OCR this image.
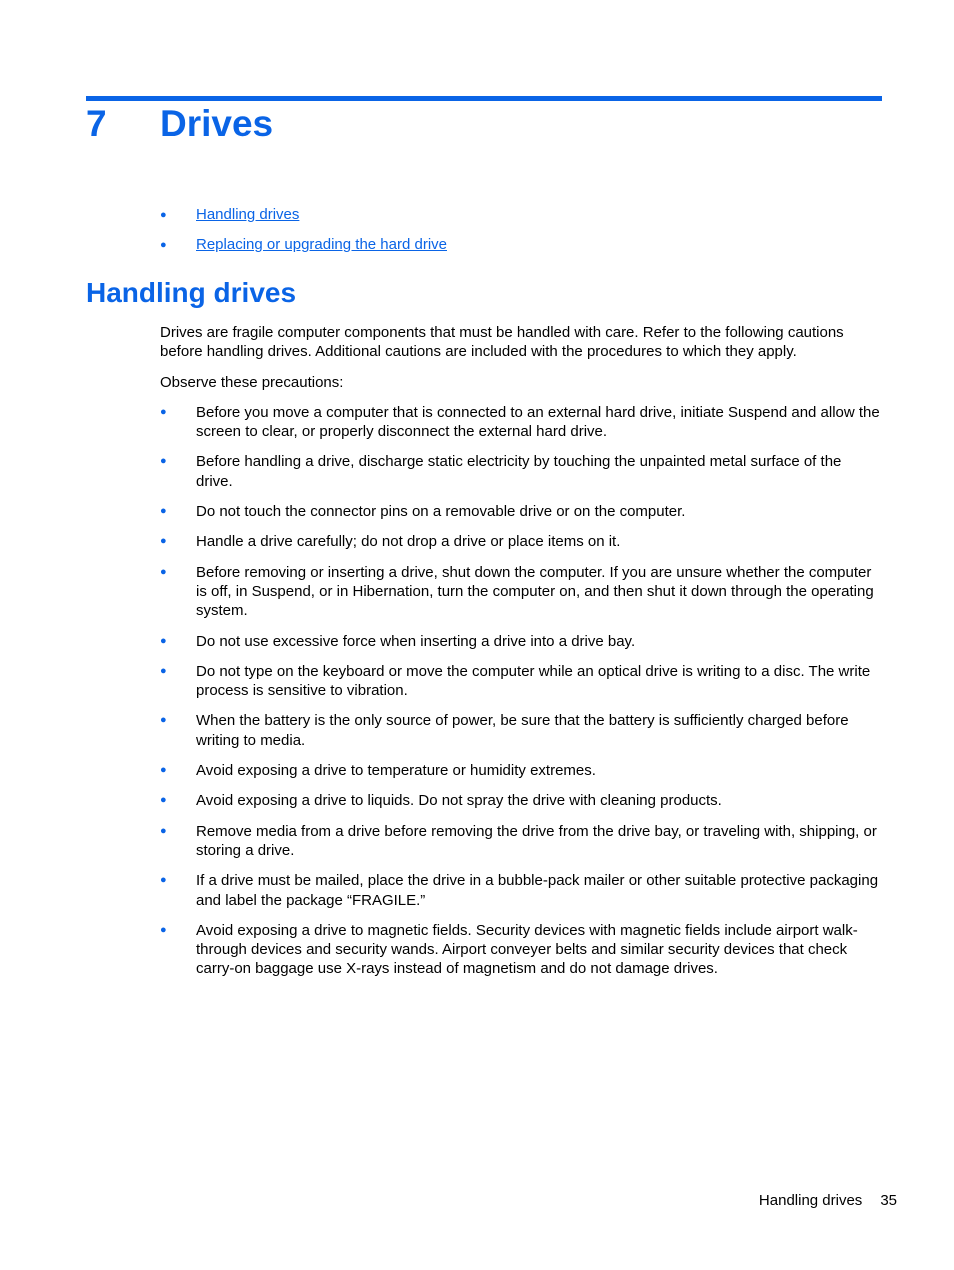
7 Drives
● Handling drives
● Replacing or upgrading the hard drive
Handling drives

Drives are fragile computer components that must be handled with care. Refer to the following cautions before handling drives. Additional cautions are included with the procedures to which they apply.

Observe these precautions:

● Before you move a computer that is connected to an external hard drive, initiate Suspend and allow the screen to clear, or properly disconnect the external hard drive.
● Before handling a drive, discharge static electricity by touching the unpainted metal surface of the drive.
● Do not touch the connector pins on a removable drive or on the computer.
● Handle a drive carefully; do not drop a drive or place items on it.
● Before removing or inserting a drive, shut down the computer. If you are unsure whether the computer is off, in Suspend, or in Hibernation, turn the computer on, and then shut it down through the operating system.
● Do not use excessive force when inserting a drive into a drive bay.
● Do not type on the keyboard or move the computer while an optical drive is writing to a disc. The write process is sensitive to vibration.
● When the battery is the only source of power, be sure that the battery is sufficiently charged before writing to media.
● Avoid exposing a drive to temperature or humidity extremes.
● Avoid exposing a drive to liquids. Do not spray the drive with cleaning products.
● Remove media from a drive before removing the drive from the drive bay, or traveling with, shipping, or storing a drive.
● If a drive must be mailed, place the drive in a bubble-pack mailer or other suitable protective packaging and label the package “FRAGILE.”
● Avoid exposing a drive to magnetic fields. Security devices with magnetic fields include airport walk-through devices and security wands. Airport conveyer belts and similar security devices that check carry-on baggage use X-rays instead of magnetism and do not damage drives.
Handling drives 35
